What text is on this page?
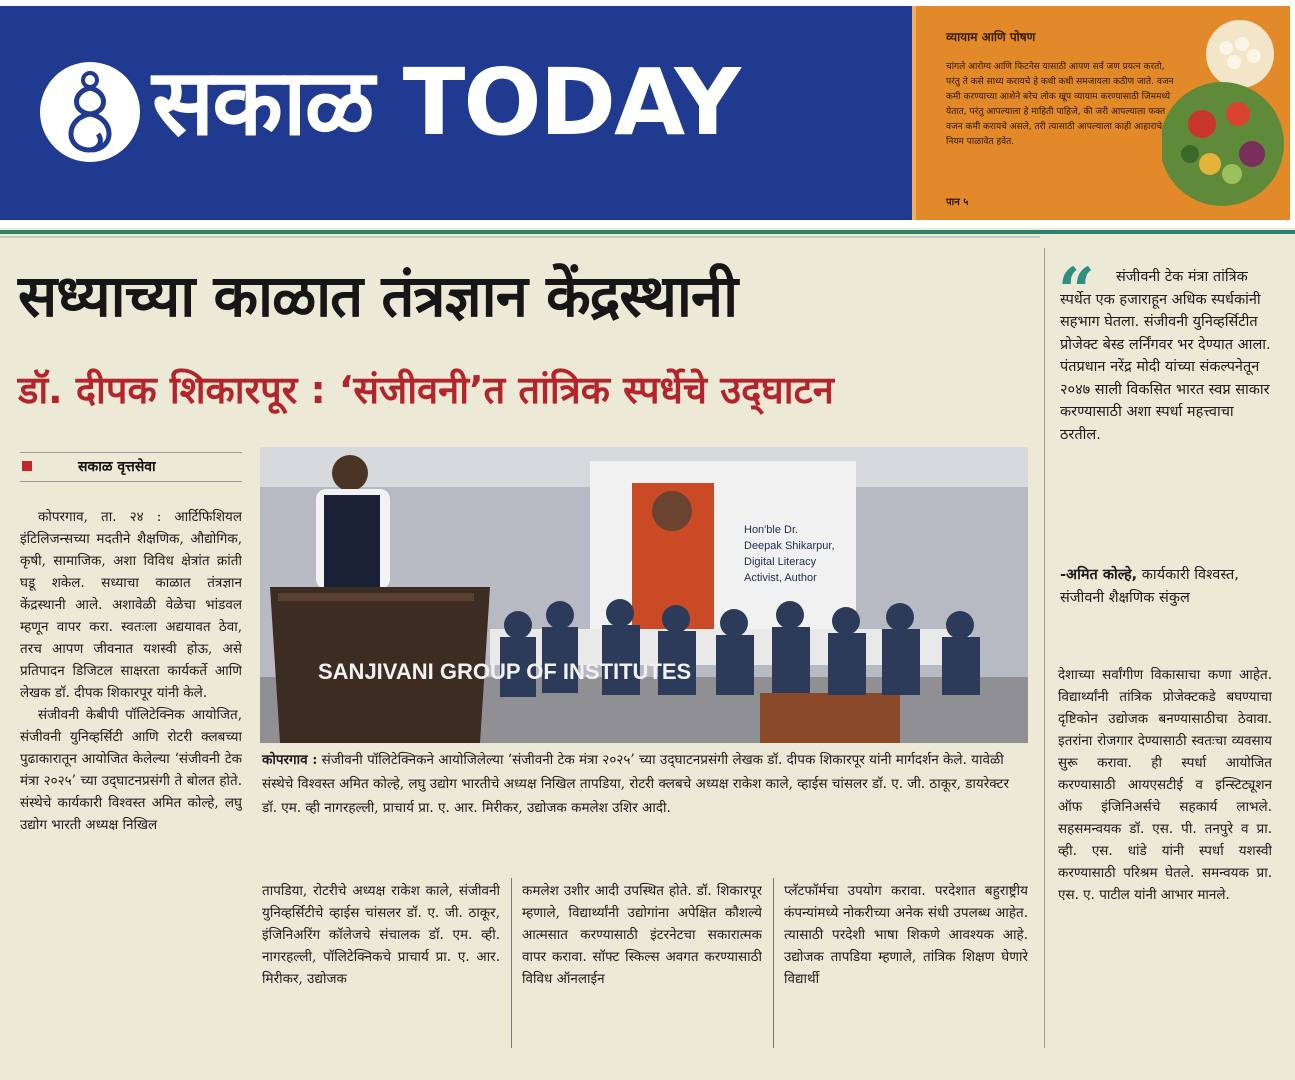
सकाळ TODAY
व्यायाम आणि पोषण
चांगले आरोग्य आणि फिटनेस यासाठी आपण सर्व जण प्रयत्न करतो, परंतु ते कसे साध्य करायचे हे कधी कधी समजायला कठीण जाते. वजन कमी करण्याच्या आशेने बरेच लोक खूप व्यायाम करण्यासाठी जिममध्ये येतात, परंतु आपल्याला हे माहिती पाहिजे, की जरी आपल्याला फक्त वजन कमी करायचे असले, तरी त्यासाठी आपल्याला काही आहाराचे नियम पाळावेत हवेत.
पान ५
सध्याच्या काळात तंत्रज्ञान केंद्रस्थानी
डॉ. दीपक शिकारपूर : ‘संजीवनी’त तांत्रिक स्पर्धेचे उद्‌घाटन
सकाळ वृत्तसेवा

कोपरगाव, ता. २४ : आर्टिफिशियल इंटिलिजन्सच्या मदतीने शैक्षणिक, औद्योगिक, कृषी, सामाजिक, अशा विविध क्षेत्रांत क्रांती घडू शकेल. सध्याचा काळात तंत्रज्ञान केंद्रस्थानी आले. अशावेळी वेळेचा भांडवल म्हणून वापर करा. स्वतःला अद्ययावत ठेवा, तरच आपण जीवनात यशस्वी होऊ, असे प्रतिपादन डिजिटल साक्षरता कार्यकर्ते आणि लेखक डॉ. दीपक शिकारपूर यांनी केले.

संजीवनी केबीपी पॉलिटेक्निक आयोजित, संजीवनी युनिव्हर्सिटी आणि रोटरी क्लबच्या पुढाकारातून आयोजित केलेल्या ‘संजीवनी टेक मंत्रा २०२५’ च्या उद्‌घाटनप्रसंगी ते बोलत होते. संस्थेचे कार्यकारी विश्वस्त अमित कोल्हे, लघु उद्योग भारती अध्यक्ष निखिल

Hon'ble Dr. Deepak Shikarpur, Digital Literacy Activist, Author
SANJIVANI GROUP OF INSTITUTES
कोपरगाव : संजीवनी पॉलिटेक्निकने आयोजिलेल्या ‘संजीवनी टेक मंत्रा २०२५’ च्या उद्‌घाटनप्रसंगी लेखक डॉ. दीपक शिकारपूर यांनी मार्गदर्शन केले. यावेळी संस्थेचे विश्वस्त अमित कोल्हे, लघु उद्योग भारतीचे अध्यक्ष निखिल तापडिया, रोटरी क्लबचे अध्यक्ष राकेश काले, व्हाईस चांसलर डॉ. ए. जी. ठाकूर, डायरेक्टर डॉ. एम. व्ही नागरहल्ली, प्राचार्य प्रा. ए. आर. मिरीकर, उद्योजक कमलेश उशिर आदी.
तापडिया, रोटरीचे अध्यक्ष राकेश काले, संजीवनी युनिव्हर्सिटीचे व्हाईस चांसलर डॉ. ए. जी. ठाकूर, इंजिनिअरिंग कॉलेजचे संचालक डॉ. एम. व्ही. नागरहल्ली, पॉलिटेक्निकचे प्राचार्य प्रा. ए. आर. मिरीकर, उद्योजक
कमलेश उशीर आदी उपस्थित होते. डॉ. शिकारपूर म्हणाले, विद्यार्थ्यांनी उद्योगांना अपेक्षित कौशल्ये आत्मसात करण्यासाठी इंटरनेटचा सकारात्मक वापर करावा. सॉफ्ट स्किल्स अवगत करण्यासाठी विविध ऑनलाईन
प्लॅटफॉर्मचा उपयोग करावा. परदेशात बहुराष्ट्रीय कंपन्यांमध्ये नोकरीच्या अनेक संधी उपलब्ध आहेत. त्यासाठी परदेशी भाषा शिकणे आवश्यक आहे. उद्योजक तापडिया म्हणाले, तांत्रिक शिक्षण घेणारे विद्यार्थी
“	संजीवनी टेक मंत्रा तांत्रिक स्पर्धेत एक हजाराहून अधिक स्पर्धकांनी सहभाग घेतला. संजीवनी युनिव्हर्सिटीत प्रोजेक्ट बेस्ड लर्निंगवर भर देण्यात आला. पंतप्रधान नरेंद्र मोदी यांच्या संकल्पनेतून २०४७ साली विकसित भारत स्वप्न साकार करण्यासाठी अशा स्पर्धा महत्त्वाचा ठरतील.
-अमित कोल्हे, कार्यकारी विश्वस्त, संजीवनी शैक्षणिक संकुल
देशाच्या सर्वांगीण विकासाचा कणा आहेत. विद्यार्थ्यांनी तांत्रिक प्रोजेक्टकडे बघण्याचा दृष्टिकोन उद्योजक बनण्यासाठीचा ठेवावा. इतरांना रोजगार देण्यासाठी स्वतःचा व्यवसाय सुरू करावा. ही स्पर्धा आयोजित करण्यासाठी आयएसटीई व इन्स्टिट्यूशन ऑफ इंजिनिअर्सचे सहकार्य लाभले. सहसमन्वयक डॉ. एस. पी. तनपुरे व प्रा. व्ही. एस. धांडे यांनी स्पर्धा यशस्वी करण्यासाठी परिश्रम घेतले. समन्वयक प्रा. एस. ए. पाटील यांनी आभार मानले.
